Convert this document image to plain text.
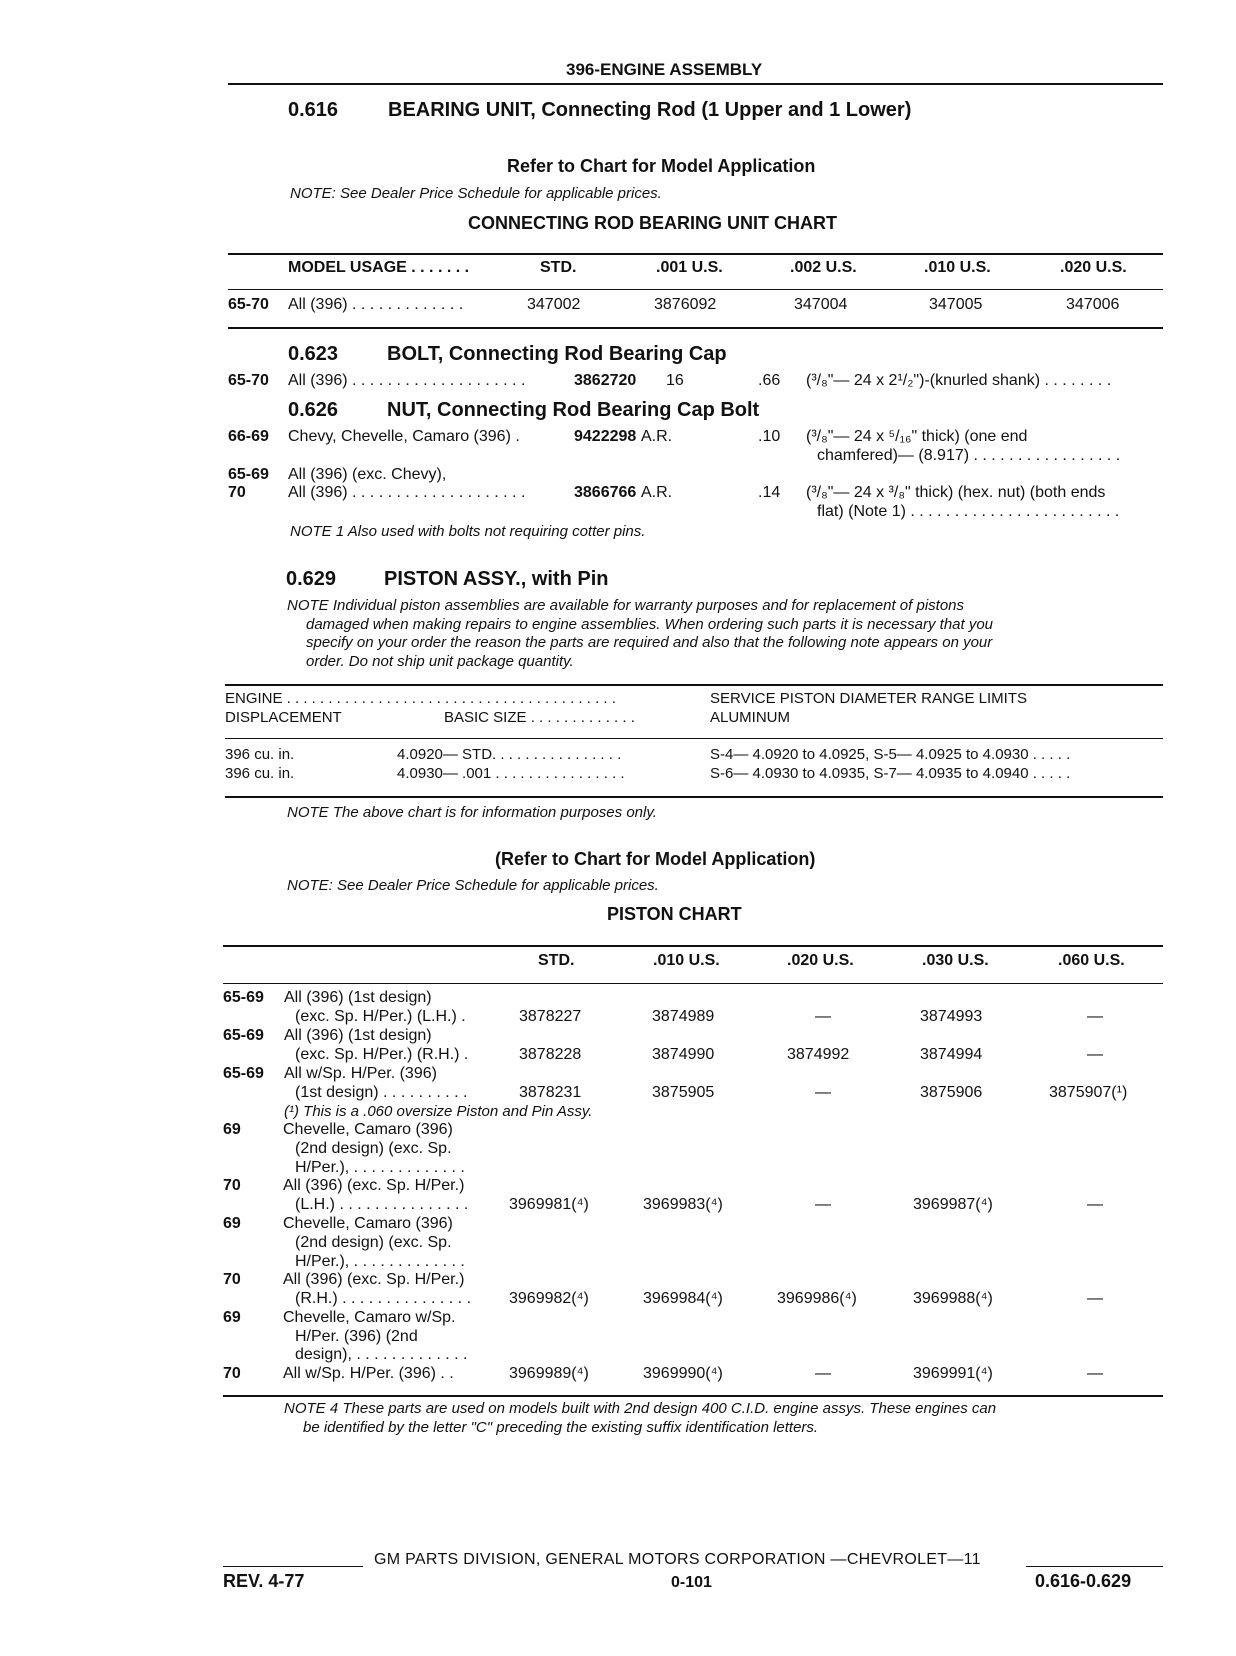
396-ENGINE ASSEMBLY
0.616 BEARING UNIT, Connecting Rod (1 Upper and 1 Lower)
Refer to Chart for Model Application
NOTE: See Dealer Price Schedule for applicable prices.
CONNECTING ROD BEARING UNIT CHART
MODEL USAGE . . . . . . .	STD.	.001 U.S.	.002 U.S.	.010 U.S.	.020 U.S.
65-70 All (396) . . . . . . . . . . . . .	347002	3876092	347004	347005	347006
0.623 BOLT, Connecting Rod Bearing Cap
65-70 All (396) . . . . . . . . . . . . . . . . . . . .	3862720 16	.66 (³/₈"— 24 x 2¹/₂")-(knurled shank) . . . . . . . .
0.626 NUT, Connecting Rod Bearing Cap Bolt
66-69 Chevy, Chevelle, Camaro (396) .	9422298 A.R.	.10 (³/₈"— 24 x ⁵/₁₆" thick) (one end
chamfered)— (8.917) . . . . . . . . . . . . . . . . .
65-69 All (396) (exc. Chevy),
70	All (396) . . . . . . . . . . . . . . . . . . . .	3866766 A.R.	.14 (³/₈"— 24 x ³/₈" thick) (hex. nut) (both ends
flat) (Note 1) . . . . . . . . . . . . . . . . . . . . . . . .
NOTE 1 Also used with bolts not requiring cotter pins.
0.629 PISTON ASSY., with Pin
NOTE Individual piston assemblies are available for warranty purposes and for replacement of pistons
damaged when making repairs to engine assemblies. When ordering such parts it is necessary that you
specify on your order the reason the parts are required and also that the following note appears on your
order. Do not ship unit package quantity.
ENGINE . . . . . . . . . . . . . . . . . . . . . . . . . . . . . . . . . . . . . . . .
DISPLACEMENT	BASIC SIZE . . . . . . . . . . . . .
SERVICE PISTON DIAMETER RANGE LIMITS
ALUMINUM
396 cu. in.	4.0920— STD. . . . . . . . . . . . . . . .	S-4— 4.0920 to 4.0925, S-5— 4.0925 to 4.0930 . . . . .
396 cu. in.	4.0930— .001 . . . . . . . . . . . . . . . .	S-6— 4.0930 to 4.0935, S-7— 4.0935 to 4.0940 . . . . .
NOTE The above chart is for information purposes only.
(Refer to Chart for Model Application)
NOTE: See Dealer Price Schedule for applicable prices.
PISTON CHART
STD.	.010 U.S.	.020 U.S.	.030 U.S.	.060 U.S.
65-69 All (396) (1st design)
(exc. Sp. H/Per.) (L.H.) .	3878227	3874989	—	3874993	—
65-69 All (396) (1st design)
(exc. Sp. H/Per.) (R.H.) .	3878228	3874990	3874992	3874994	—
65-69 All w/Sp. H/Per. (396)
(1st design) . . . . . . . . . .	3878231	3875905	—	3875906	3875907(¹)
(¹) This is a .060 oversize Piston and Pin Assy.
69	Chevelle, Camaro (396)
(2nd design) (exc. Sp.
H/Per.), . . . . . . . . . . . . .
70	All (396) (exc. Sp. H/Per.)
(L.H.) . . . . . . . . . . . . . . .	3969981(⁴)	3969983(⁴)	—	3969987(⁴)	—
69	Chevelle, Camaro (396)
(2nd design) (exc. Sp.
H/Per.), . . . . . . . . . . . . .
70	All (396) (exc. Sp. H/Per.)
(R.H.) . . . . . . . . . . . . . . . 3969982(⁴)	3969984(⁴)	3969986(⁴)	3969988(⁴)	—
69	Chevelle, Camaro w/Sp.
H/Per. (396) (2nd
design), . . . . . . . . . . . . .
70	All w/Sp. H/Per. (396) . .	3969989(⁴)	3969990(⁴)	—	3969991(⁴)	—
NOTE 4 These parts are used on models built with 2nd design 400 C.I.D. engine assys. These engines can
be identified by the letter "C" preceding the existing suffix identification letters.
GM PARTS DIVISION, GENERAL MOTORS CORPORATION —CHEVROLET—11
REV. 4-77	0-101	0.616-0.629
